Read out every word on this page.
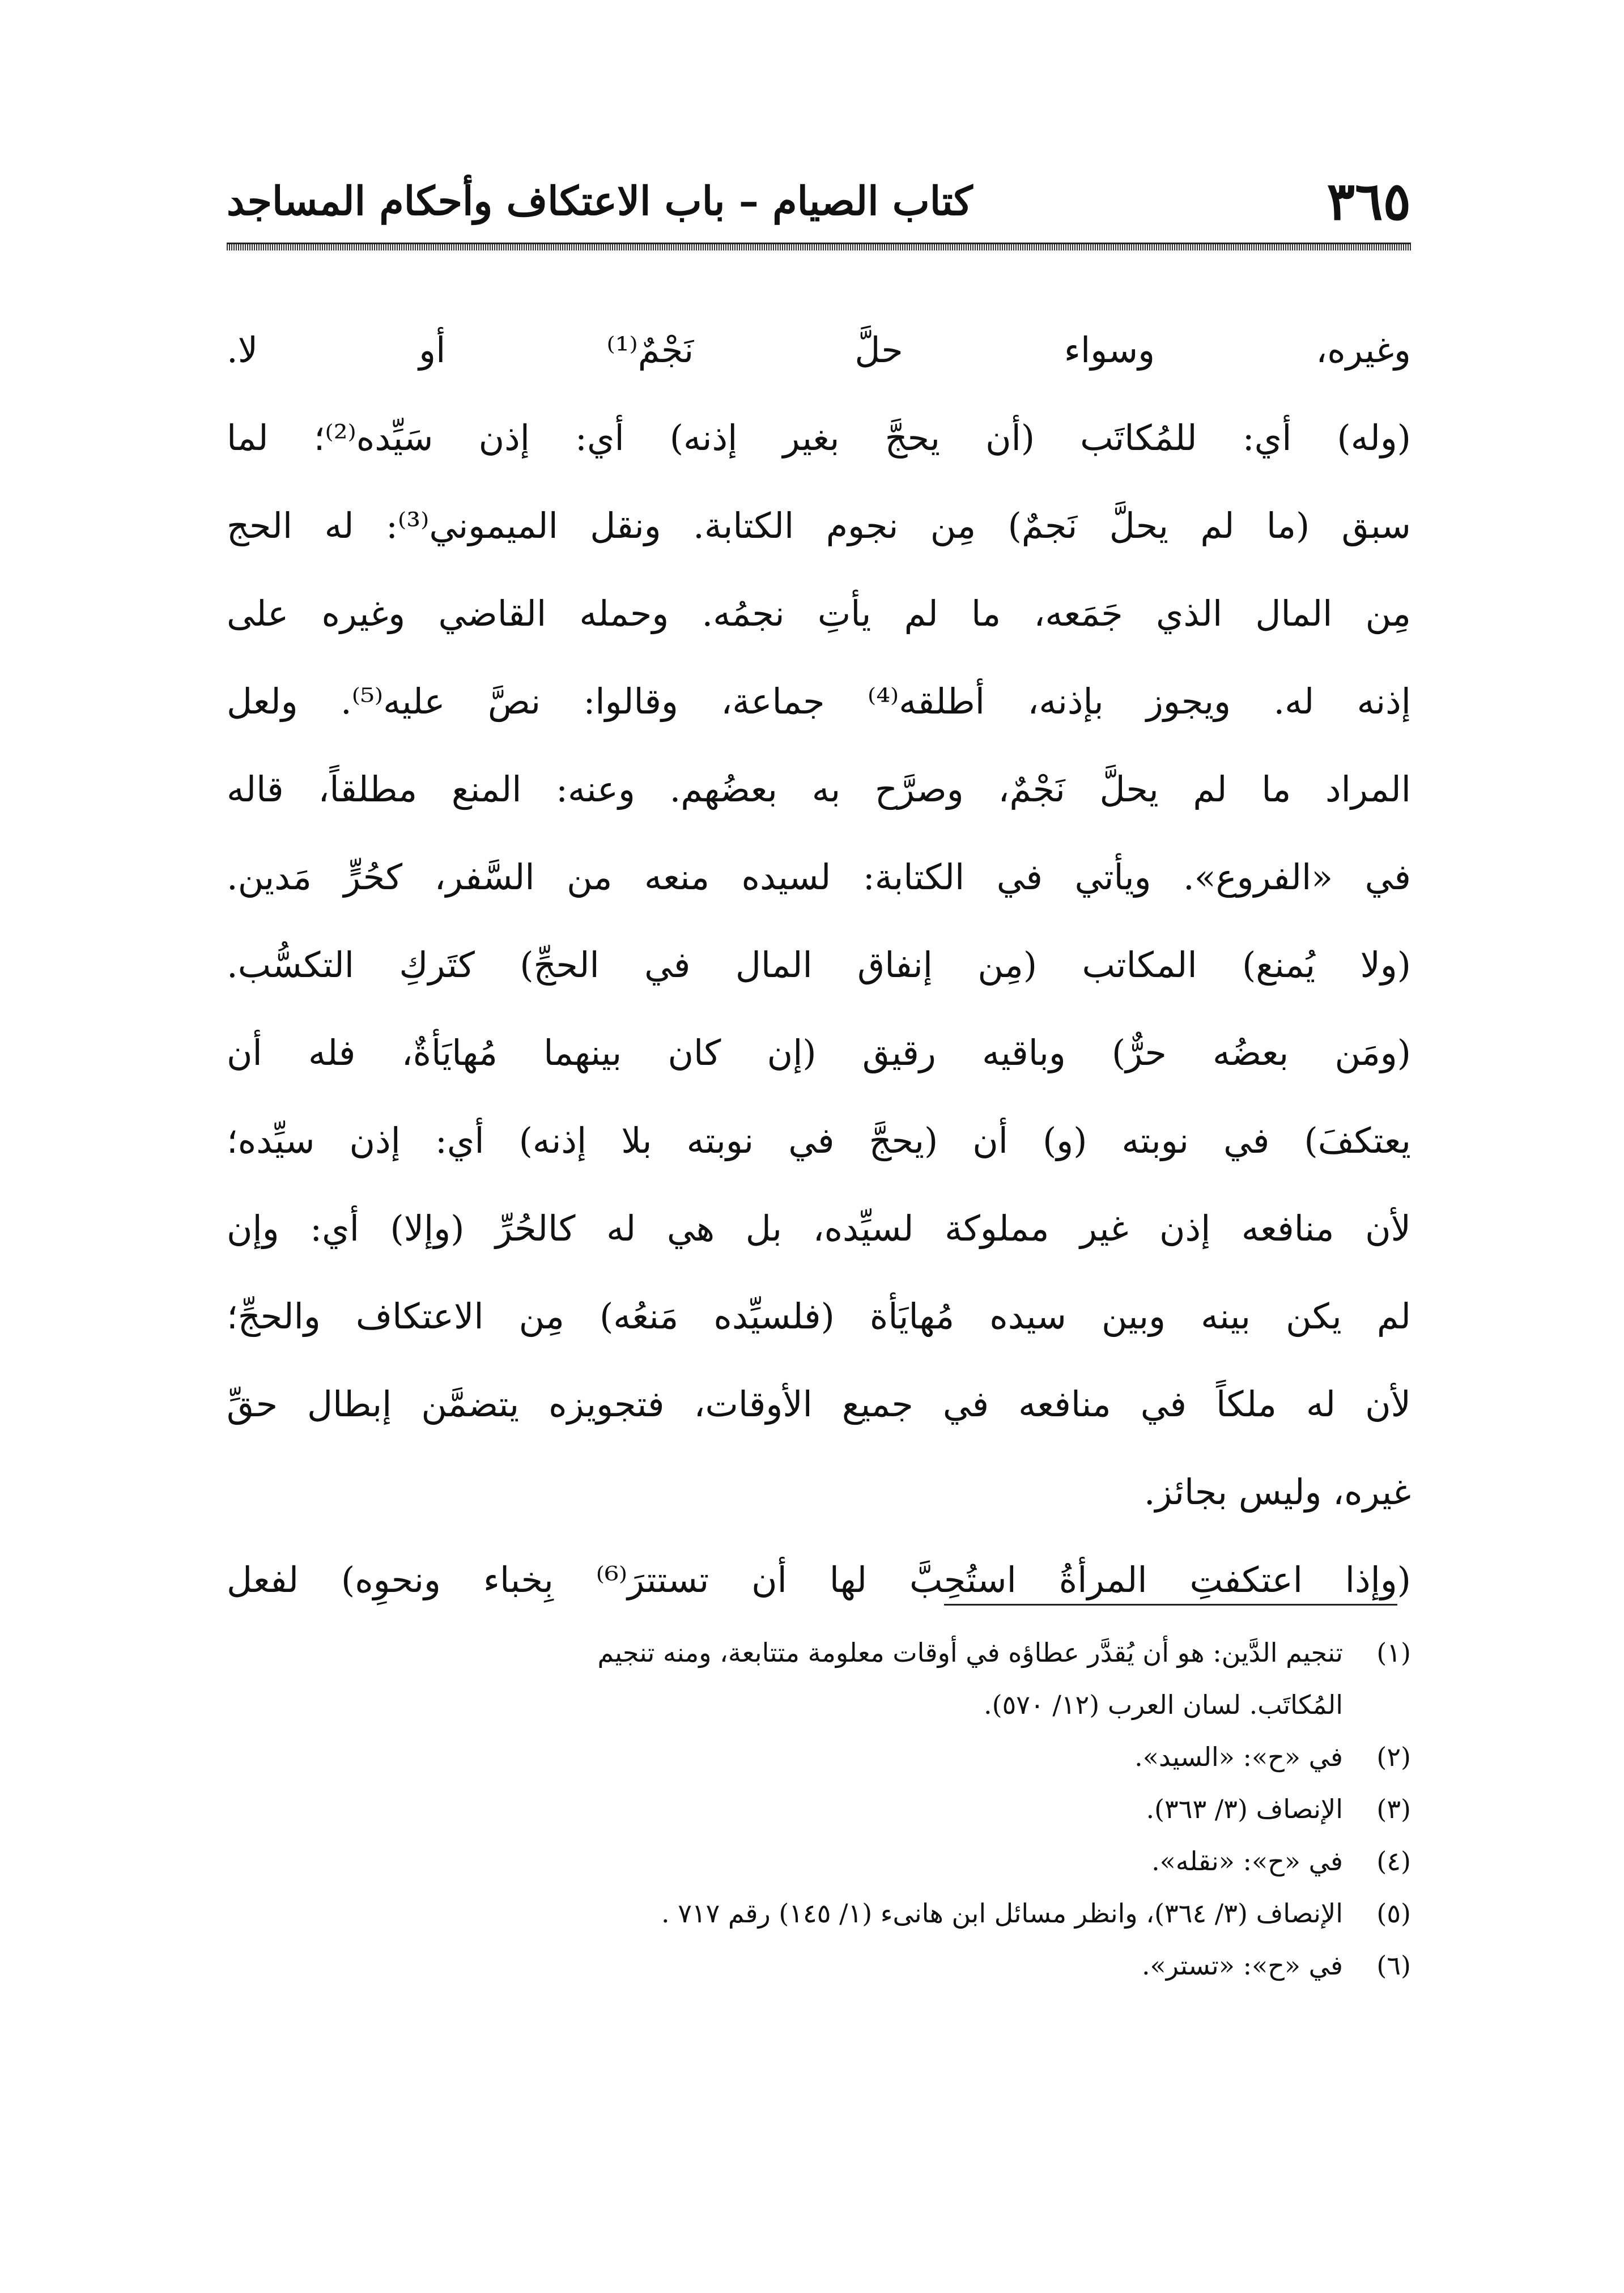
٣٦٥
كتاب الصيام – باب الاعتكاف وأحكام المساجد
وغيره، وسواء حلَّ نَجْمٌ⁽¹⁾ أو لا.
(وله) أي: للمُكاتَب (أن يحجَّ بغير إذنه) أي: إذن سَيِّده⁽²⁾؛ لما
سبق (ما لم يحلَّ نَجمٌ) مِن نجوم الكتابة. ونقل الميموني⁽³⁾: له الحج
مِن المال الذي جَمَعه، ما لم يأتِ نجمُه. وحمله القاضي وغيره على
إذنه له. ويجوز بإذنه، أطلقه⁽⁴⁾ جماعة، وقالوا: نصَّ عليه⁽⁵⁾. ولعل
المراد ما لم يحلَّ نَجْمٌ، وصرَّح به بعضُهم. وعنه: المنع مطلقاً، قاله
في «الفروع». ويأتي في الكتابة: لسيده منعه من السَّفر، كحُرٍّ مَدين.
(ولا يُمنع) المكاتب (مِن إنفاق المال في الحجِّ) كتَركِ التكسُّب.
(ومَن بعضُه حرٌّ) وباقيه رقيق (إن كان بينهما مُهايَأةٌ، فله أن
يعتكفَ) في نوبته (و) أن (يحجَّ في نوبته بلا إذنه) أي: إذن سيِّده؛
لأن منافعه إذن غير مملوكة لسيِّده، بل هي له كالحُرِّ (وإلا) أي: وإن
لم يكن بينه وبين سيده مُهايَأة (فلسيِّده مَنعُه) مِن الاعتكاف والحجِّ؛
لأن له ملكاً في منافعه في جميع الأوقات، فتجويزه يتضمَّن إبطال حقِّ
غيره، وليس بجائز.
(وإذا اعتكفتِ المرأةُ استُحِبَّ لها أن تستترَ⁽⁶⁾ بِخباء ونحوِه) لفعل
(١)تنجيم الدَّين: هو أن يُقدَّر عطاؤه في أوقات معلومة متتابعة، ومنه تنجيم
المُكاتَب. لسان العرب (١٢/ ٥٧٠).
(٢)في «ح»: «السيد».
(٣)الإنصاف (٣/ ٣٦٣).
(٤)في «ح»: «نقله».
(٥)الإنصاف (٣/ ٣٦٤)، وانظر مسائل ابن هانىء (١/ ١٤٥) رقم ٧١٧ .
(٦)في «ح»: «تستر».
